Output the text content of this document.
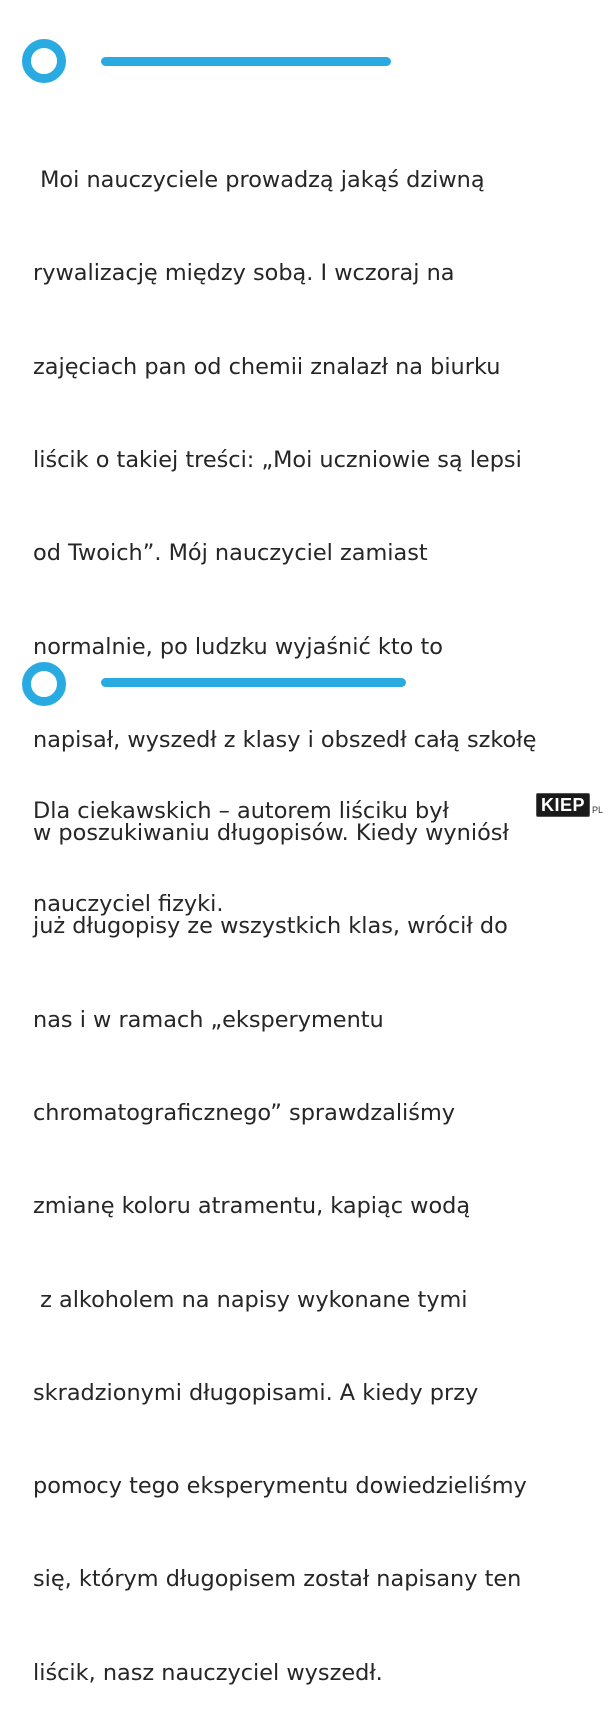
Moi nauczyciele prowadzą jakąś dziwną

rywalizację między sobą. I wczoraj na

zajęciach pan od chemii znalazł na biurku

liścik o takiej treści: „Moi uczniowie są lepsi

od Twoich”. Mój nauczyciel zamiast

normalnie, po ludzku wyjaśnić kto to

napisał, wyszedł z klasy i obszedł całą szkołę

w poszukiwaniu długopisów. Kiedy wyniósł

już długopisy ze wszystkich klas, wrócił do

nas i w ramach „eksperymentu

chromatograficznego” sprawdzaliśmy

zmianę koloru atramentu, kapiąc wodą

z alkoholem na napisy wykonane tymi

skradzionymi długopisami. A kiedy przy

pomocy tego eksperymentu dowiedzieliśmy

się, którym długopisem został napisany ten

liścik, nasz nauczyciel wyszedł.

Dla ciekawskich – autorem liściku był

nauczyciel fizyki.

KIEP PL
